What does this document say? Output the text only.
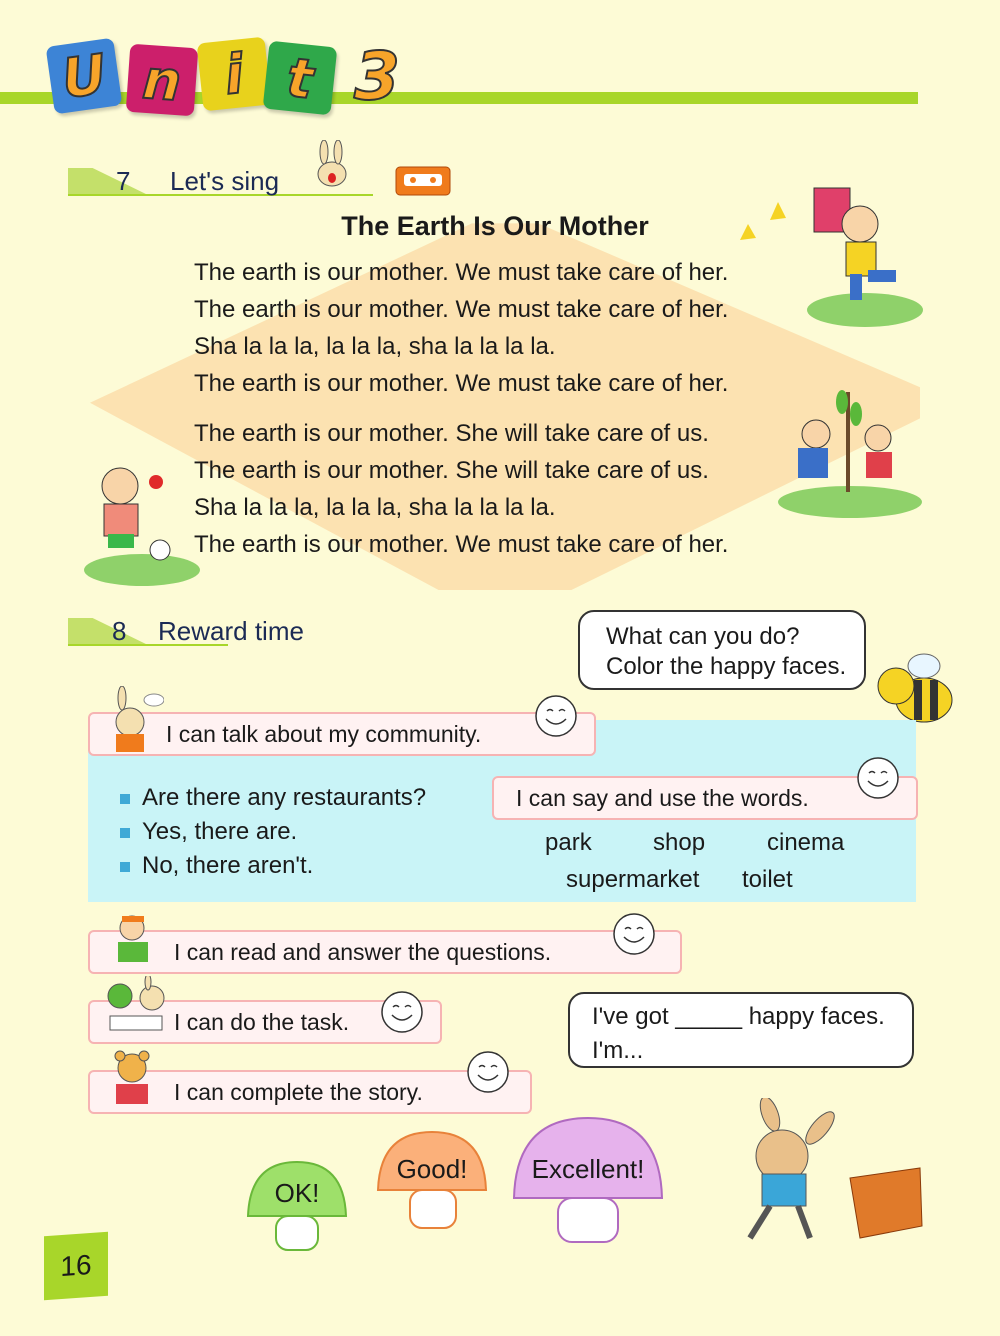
U n i t 3
7 Let's sing
The Earth Is Our Mother
The earth is our mother. We must take care of her.
The earth is our mother. We must take care of her.
Sha la la la, la la la, sha la la la la.
The earth is our mother. We must take care of her.
The earth is our mother. She will take care of us.
The earth is our mother. She will take care of us.
Sha la la la, la la la, sha la la la la.
The earth is our mother. We must take care of her.
8 Reward time	What can you do?
Color the happy faces.
I can talk about my community.
Are there any restaurants?
Yes, there are.
No, there aren't.
I can say and use the words.
park	shop	cinema
supermarket toilet
I can read and answer the questions.
I can do the task.
I can complete the story.
I've got _____ happy faces.
I'm...
OK!
Good!	Excellent!
16
